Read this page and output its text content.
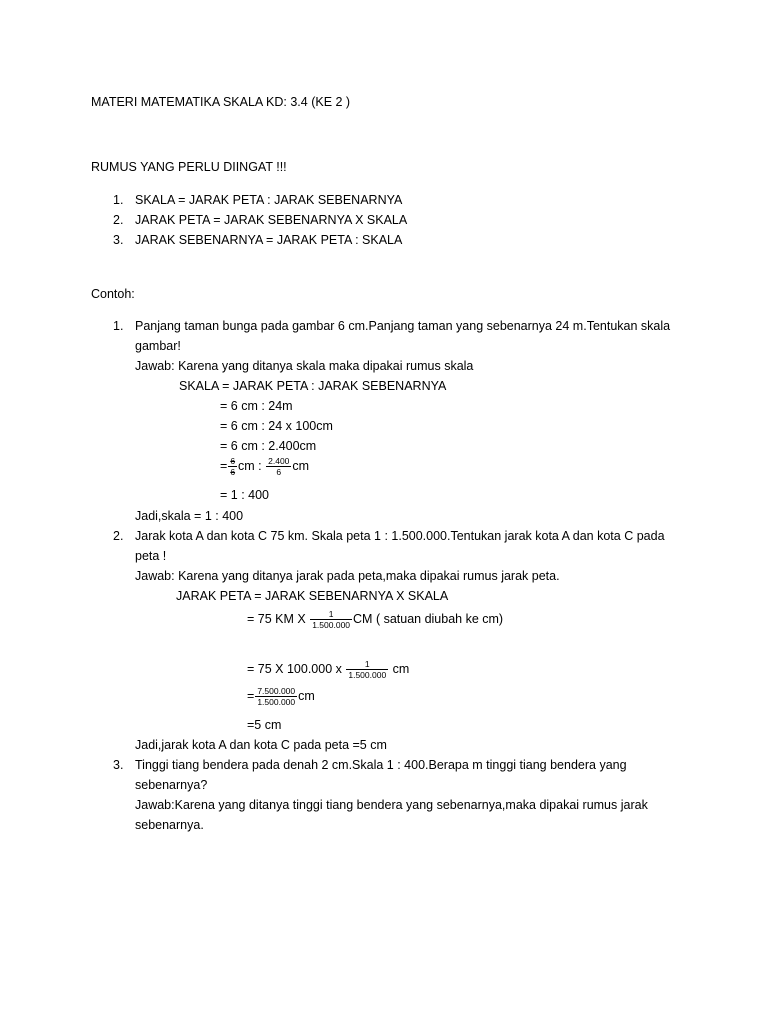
MATERI MATEMATIKA SKALA KD: 3.4 (KE 2 )
RUMUS YANG PERLU DIINGAT !!!
1. SKALA = JARAK PETA : JARAK SEBENARNYA
2. JARAK PETA = JARAK SEBENARNYA X SKALA
3. JARAK SEBENARNYA = JARAK PETA : SKALA
Contoh:
1. Panjang taman bunga pada gambar 6 cm.Panjang taman yang sebenarnya 24 m.Tentukan skala
gambar!
Jawab: Karena yang ditanya skala maka dipakai rumus skala
SKALA = JARAK PETA : JARAK SEBENARNYA
= 6 cm : 24m
= 6 cm : 24 x 100cm
= 6 cm : 2.400cm
= $\frac{6}{6}$ cm : $\frac{2.400}{6}$ cm
= 1 : 400
Jadi,skala = 1 : 400
2. Jarak kota A dan kota C 75 km. Skala peta 1 : 1.500.000.Tentukan jarak kota A dan kota C pada
peta !
Jawab: Karena yang ditanya jarak pada peta,maka dipakai rumus jarak peta.
JARAK PETA = JARAK SEBENARNYA X SKALA
= 75 KM X $\frac{1}{1.500.000}$ CM ( satuan diubah ke cm)
= 75 X 100.000 x $\frac{1}{1.500.000}$ cm
= $\frac{7.500.000}{1.500.000}$ cm
=5 cm
Jadi,jarak kota A dan kota C pada peta =5 cm
3. Tinggi tiang bendera pada denah 2 cm.Skala 1 : 400.Berapa m tinggi tiang bendera yang
sebenarnya?
Jawab:Karena yang ditanya tinggi tiang bendera yang sebenarnya,maka dipakai rumus jarak
sebenarnya.
